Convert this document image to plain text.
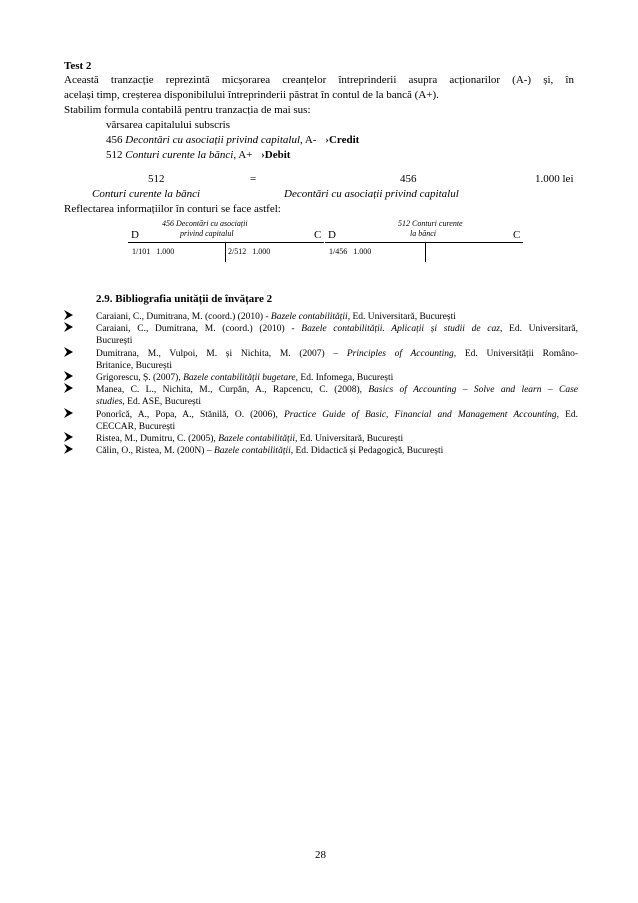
Test 2
Această tranzacție reprezintă micșorarea creanțelor întreprinderii asupra acționarilor (A-) și, în
același timp, creșterea disponibilului întreprinderii păstrat în contul de la bancă (A+).
Stabilim formula contabilă pentru tranzacția de mai sus:
vărsarea capitalului subscris
456 Decontări cu asociații privind capitalul, A- ›Credit
512 Conturi curente la bănci, A+ ›Debit
512	=	456	1.000 lei
Conturi curente la bănci	Decontări cu asociații privind capitalul
Reflectarea informațiilor în conturi se face astfel:
456 Decontări cu asociații
privind capitalul
D	C
1/101   1.000	2/512   1.000
512 Conturi curente
la bănci
D	C
1/456   1.000
2.9. Bibliografia unității de învățare 2
Caraiani, C., Dumitrana, M. (coord.) (2010) - Bazele contabilității, Ed. Universitară, București
Caraiani, C., Dumitrana, M. (coord.) (2010) - Bazele contabilității. Aplicații și studii de caz, Ed. Universitară,
București
Dumitrana, M., Vulpoi, M. și Nichita, M. (2007) – Principles of Accounting, Ed. Universității Româno-
Britanice, București
Grigorescu, Ș. (2007), Bazele contabilității bugetare, Ed. Infomega, București
Manea, C. L., Nichita, M., Curpăn, A., Rapcencu, C. (2008), Basics of Accounting – Solve and learn – Case
studies, Ed. ASE, București
Ponorîcă, A., Popa, A., Stănilă, O. (2006), Practice Guide of Basic, Financial and Management Accounting, Ed.
CECCAR, București
Ristea, M., Dumitru, C. (2005), Bazele contabilității, Ed. Universitară, București
Călin, O., Ristea, M. (200N) – Bazele contabilității, Ed. Didactică și Pedagogică, București
28
